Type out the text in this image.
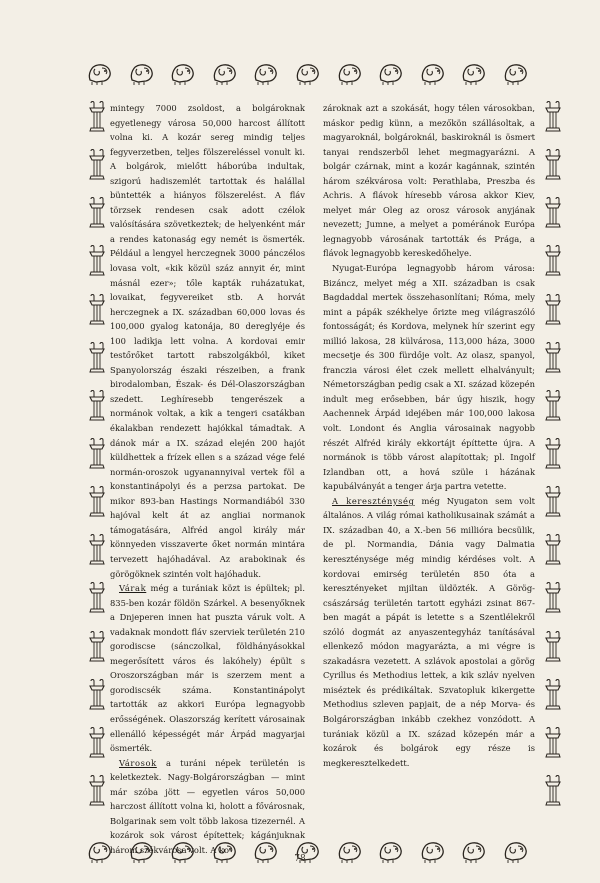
mintegy 7000 zsoldost, a bolgároknak egyetlenegy városa 50,000 harcost állított volna ki. A kozár sereg mindig teljes fegyverzetben, teljes fölszereléssel vonult ki. A bolgárok, mielőtt háborúba indultak, szigorú hadiszemlét tartottak és halállal büntették a hiányos fölszerelést. A fláv törzsek rendesen csak adott czélok valósítására szövetkeztek; de helyenként már a rendes katonaság egy nemét is ösmerték. Például a lengyel herczegnek 3000 pánczélos lovasa volt, «kik közül száz annyit ér, mint másnál ezer»; tőle kapták ruházatukat, lovaikat, fegyvereiket stb. A horvát herczegnek a IX. században 60,000 lovas és 100,000 gyalog katonája, 80 dereglyéje és 100 ladikja lett volna. A kordovai emir testőrőket tartott rabszolgákból, kiket Spanyolország északi részeiben, a frank birodalomban, Észak- és Dél-Olaszországban szedett. Leghíresebb tengerészek a normánok voltak, a kik a tengeri csatákban ékalakban rendezett hajókkal támadtak. A dánok már a IX. század elején 200 hajót küldhettek a frízek ellen s a század vége felé normán-oroszok ugyanannyival vertek föl a konstantinápolyi és a perzsa partokat. De mikor 893-ban Hastings Normandiából 330 hajóval kelt át az angliai normanok támogatására, Alfréd angol király már könnyeden visszaverte őket normán mintára tervezett hajóhadával. Az arabokinak és görögöknek szintén volt hajóhaduk.

Várak még a turániak közt is épültek; pl. 835-ben kozár földön Szárkel. A besenyőknek a Dnjeperen innen hat puszta váruk volt. A vadaknak mondott fláv szerviek területén 210 gorodiscse (sánczolkal, földhányásokkal megerősített város és lakóhely) épült s Oroszországban már is szerzem ment a gorodiscsék száma. Konstantinápolyt tartották az akkori Európa legnagyobb erősségének. Olaszország kerített városainak ellenálló képességét már Árpád magyarjai ösmerték.

Városok a turáni népek területén is keletkeztek. Nagy-Bolgárországban — mint már szóba jött — egyetlen város 50,000 harczost állított volna ki, holott a fővárosnak, Bolgarinak sem volt több lakosa tizezernél. A kozárok sok várost építettek; kágánjuknak három székvárosa volt. A ko-

zároknak azt a szokását, hogy télen városokban, máskor pedig künn, a mezőkön szállásoltak, a magyaroknál, bolgároknál, baskiroknál is ösmert tanyai rendszerből lehet megmagyarázni. A bolgár czárnak, mint a kozár kagánnak, szintén három székvárosa volt: Perathlaba, Preszba és Achris. A flávok híresebb városa akkor Kiev, melyet már Oleg az orosz városok anyjának nevezett; Jumne, a melyet a poméránok Európa legnagyobb városának tartották és Prága, a flávok legnagyobb kereskedőhelye.

Nyugat-Európa legnagyobb három városa: Bizáncz, melyet még a XII. században is csak Bagdaddal mertek összehasonlítani; Róma, mely mint a pápák székhelye őrizte meg világraszóló fontosságát; és Kordova, melynek hír szerint egy millió lakosa, 28 külvárosa, 113,000 háza, 3000 mecsetje és 300 fürdője volt. Az olasz, spanyol, franczia városi élet czek mellett elhalványult; Németországban pedig csak a XI. század közepén indult meg erősebben, bár úgy hiszik, hogy Aachennek Árpád idejében már 100,000 lakosa volt. Londont és Anglia városainak nagyobb részét Alfréd király ekkortájt építtette újra. A normánok is több várost alapítottak; pl. Ingolf Izlandban ott, a hová szüle i házának kapubálványát a tenger árja partra vetette.

A kereszténység még Nyugaton sem volt általános. A világ római katholikusainak számát a IX. században 40, a X.-ben 56 millióra becsülik, de pl. Normandia, Dánia vagy Dalmatia kereszténysége még mindig kérdéses volt. A kordovai emirség területén 850 óta a keresztényeket mjiltan üldözték. A Görög-császárság területén tartott egyházi zsinat 867-ben magát a pápát is letette s a Szentlélekről szóló dogmát az anyaszentegyház tanításával ellenkező módon magyarázta, a mi végre is szakadásra vezetett. A szlávok apostolai a görög Cyrillus és Methodius lettek, a kik szláv nyelven miséztek és prédikáltak. Szvatopluk kikergette Methodius szleven papjait, de a nép Morva- és Bolgárországban inkább czekhez vonzódott. A turániak közül a IX. század közepén már a kozárok és bolgárok egy része is megkeresztelkedett.

78
